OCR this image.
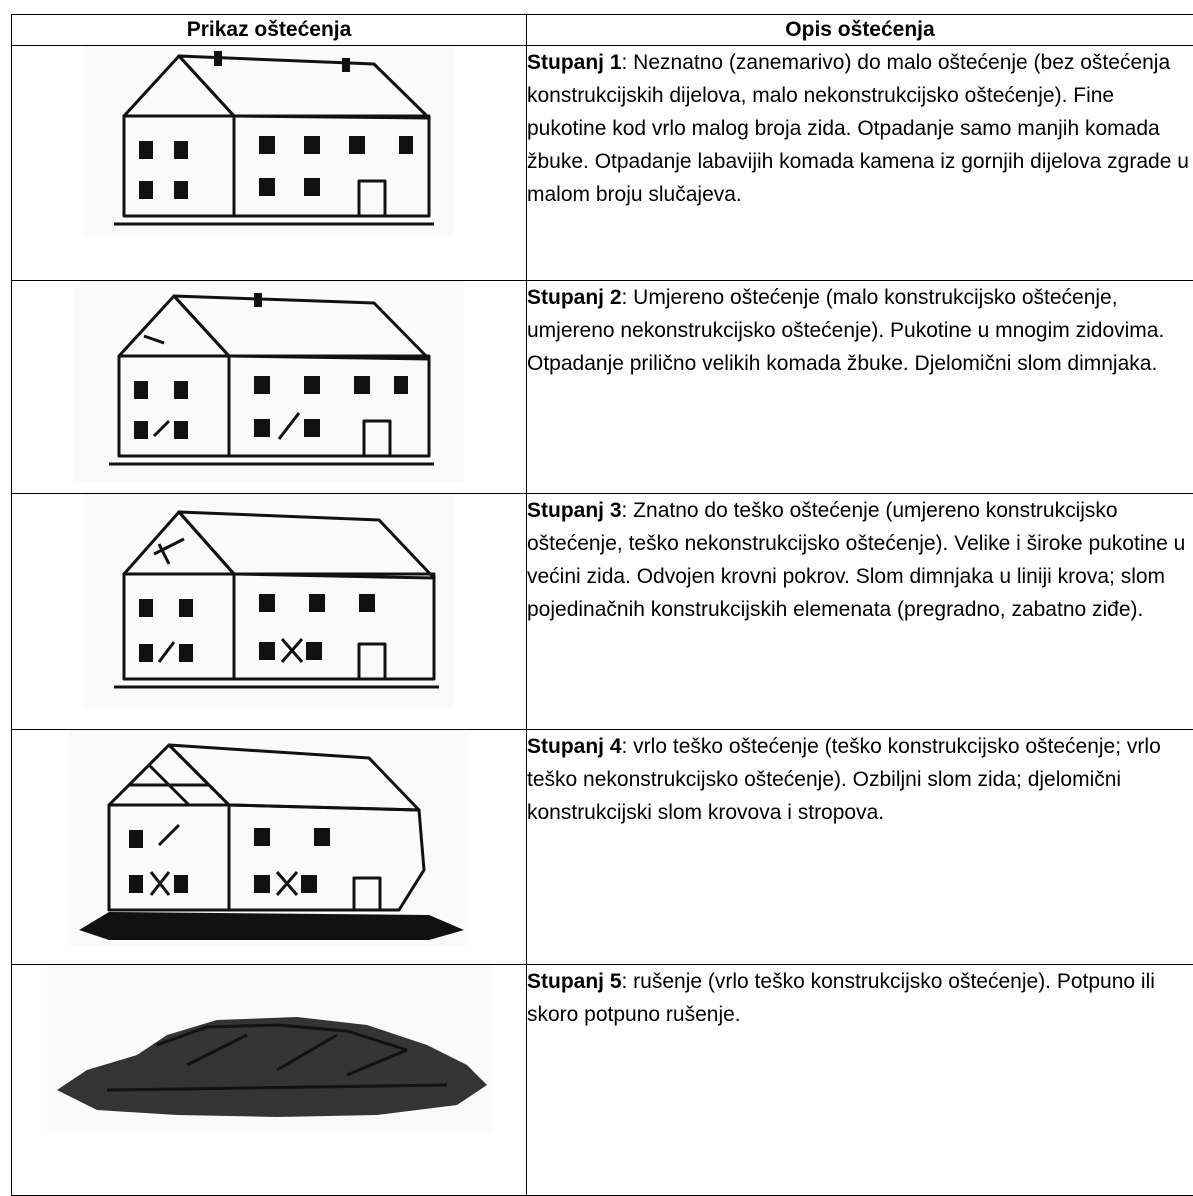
Prikaz oštećenja	Opis oštećenja

	Stupanj 1: Neznatno (zanemarivo) do malo oštećenje (bez oštećenja konstrukcijskih dijelova, malo nekonstrukcijsko oštećenje). Fine pukotine kod vrlo malog broja zida. Otpadanje samo manjih komada žbuke. Otpadanje labavijih komada kamena iz gornjih dijelova zgrade u malom broju slučajeva.

	Stupanj 2: Umjereno oštećenje (malo konstrukcijsko oštećenje, umjereno nekonstrukcijsko oštećenje). Pukotine u mnogim zidovima. Otpadanje prilično velikih komada žbuke. Djelomični slom dimnjaka.

	Stupanj 3: Znatno do teško oštećenje (umjereno konstrukcijsko oštećenje, teško nekonstrukcijsko oštećenje). Velike i široke pukotine u većini zida. Odvojen krovni pokrov. Slom dimnjaka u liniji krova; slom pojedinačnih konstrukcijskih elemenata (pregradno, zabatno ziđe).

	Stupanj 4: vrlo teško oštećenje (teško konstrukcijsko oštećenje; vrlo teško nekonstrukcijsko oštećenje). Ozbiljni slom zida; djelomični konstrukcijski slom krovova i stropova.

	Stupanj 5: rušenje (vrlo teško konstrukcijsko oštećenje). Potpuno ili skoro potpuno rušenje.
